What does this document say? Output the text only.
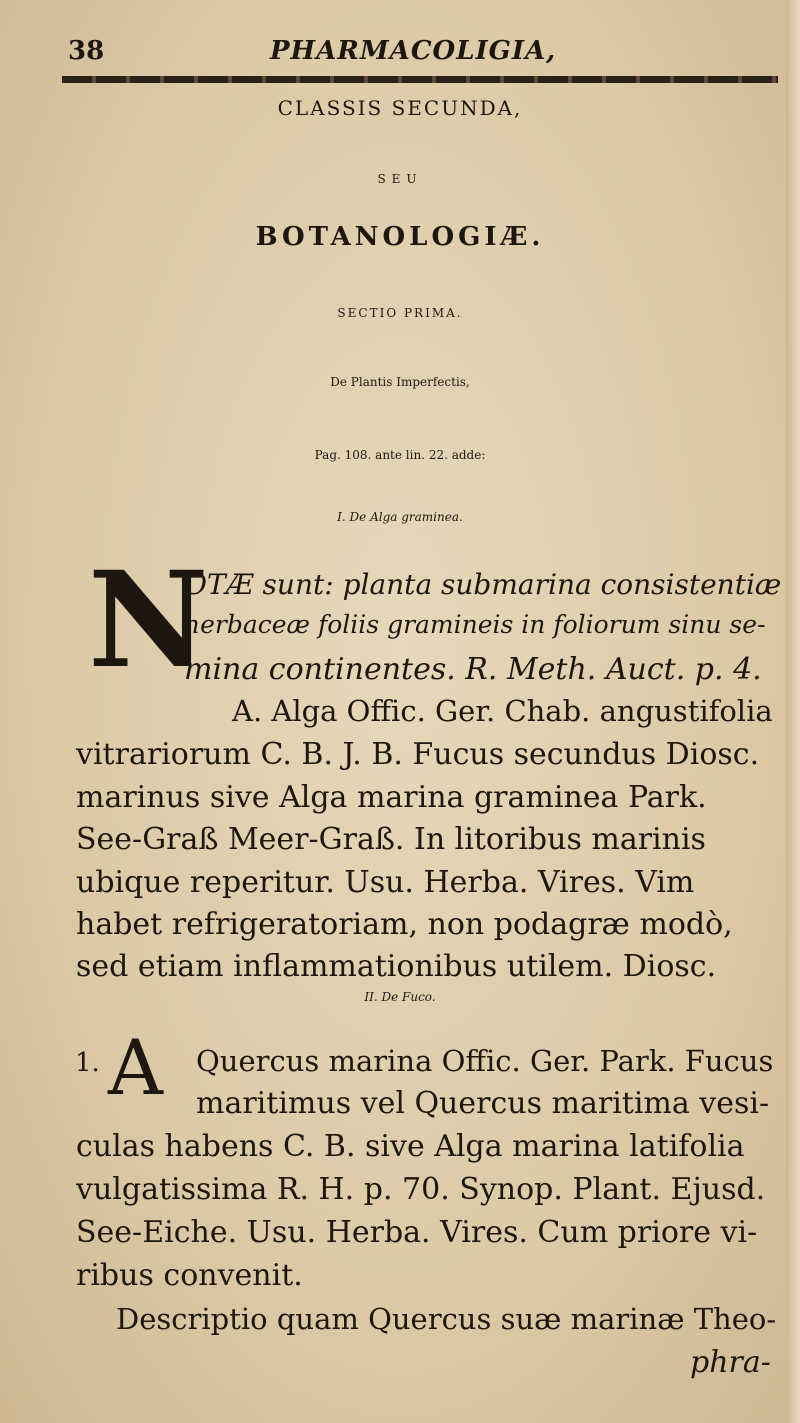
38	PHARMACOLIGIA,
CLASSIS SECUNDA,
SEU
BOTANOLOGIÆ.
SECTIO PRIMA.
De Plantis Imperfectis,
Pag. 108. ante lin. 22. adde:
I. De Alga graminea.
N
OTÆ sunt: planta submarina consistentiæ
herbaceæ foliis gramineis in foliorum sinu se-
mina continentes. R. Meth. Auct. p. 4.
A. Alga Offic. Ger. Chab. angustifolia
vitrariorum C. B. J. B. Fucus secundus Diosc.
marinus sive Alga marina graminea Park.
See-Graß Meer-Graß. In litoribus marinis
ubique reperitur. Usu. Herba. Vires. Vim
habet refrigeratoriam, non podagræ modò,
sed etiam inflammationibus utilem. Diosc.
II. De Fuco.
1. A Quercus marina Offic. Ger. Park. Fucus
maritimus vel Quercus maritima vesi-
culas habens C. B. sive Alga marina latifolia
vulgatissima R. H. p. 70. Synop. Plant. Ejusd.
See-Eiche. Usu. Herba. Vires. Cum priore vi-
ribus convenit.
Descriptio quam Quercus suæ marinæ Theo-
phra-
